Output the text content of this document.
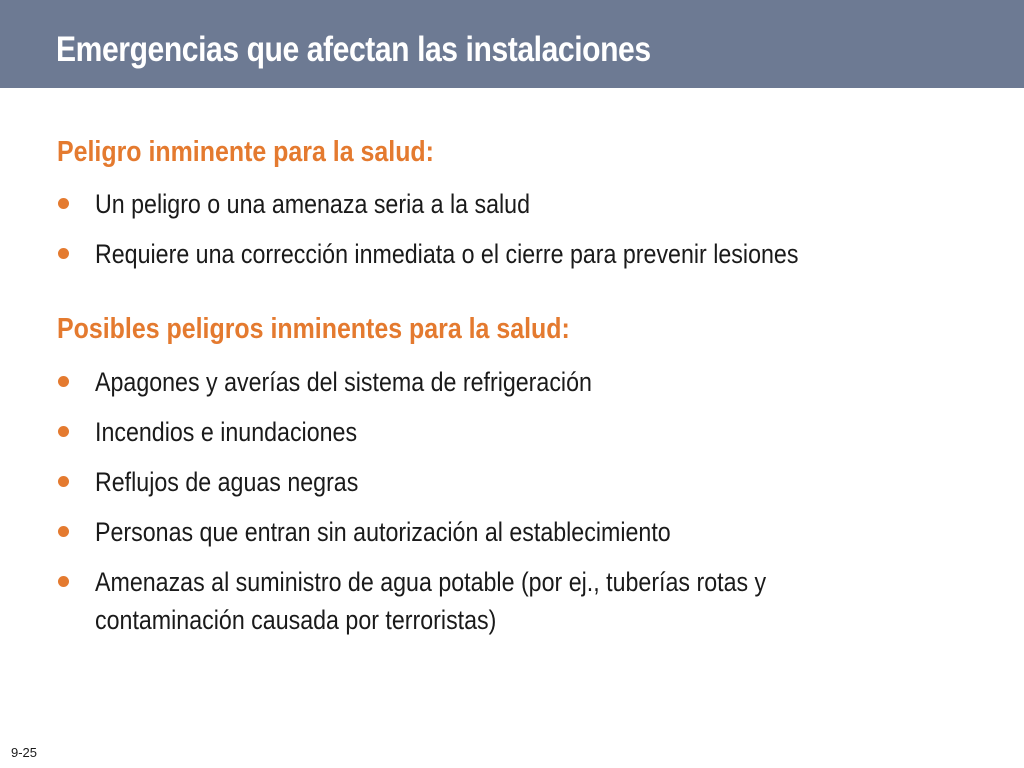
Emergencias que afectan las instalaciones
Peligro inminente para la salud:
Un peligro o una amenaza seria a la salud
Requiere una corrección inmediata o el cierre para prevenir lesiones
Posibles peligros inminentes para la salud:
Apagones y averías del sistema de refrigeración
Incendios e inundaciones
Reflujos de aguas negras
Personas que entran sin autorización al establecimiento
Amenazas al suministro de agua potable (por ej., tuberías rotas y contaminación causada por terroristas)
9-25
